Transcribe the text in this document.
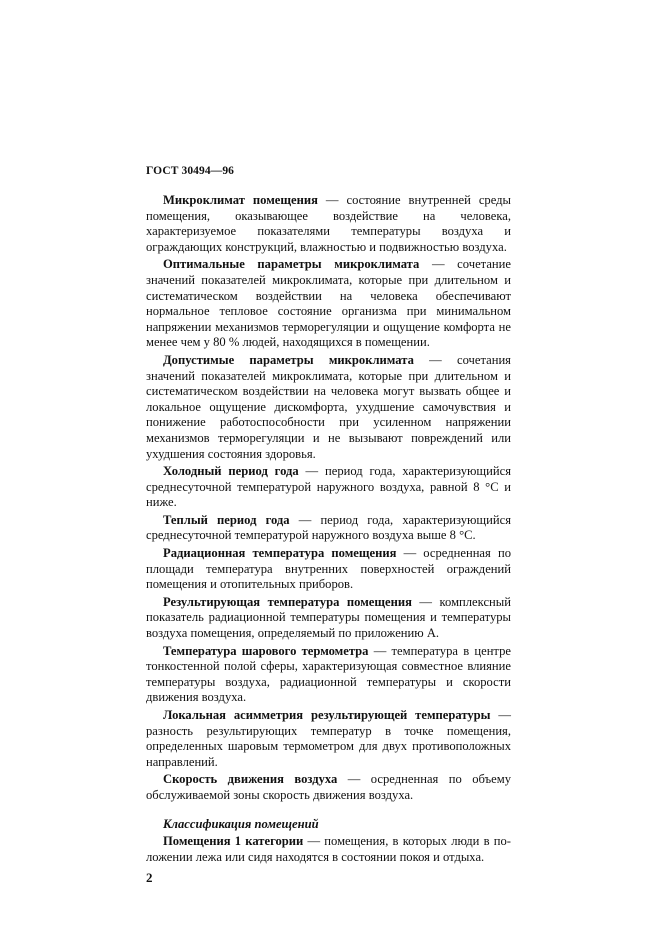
ГОСТ 30494—96

Микроклимат помещения — состояние внутренней среды помещения, оказывающее воздействие на человека, характеризуемое показателями температуры воздуха и ограждающих конструкций, влажностью и подвижностью воздуха.

Оптимальные параметры микроклимата — сочетание значений показателей микроклимата, которые при длительном и систематическом воздействии на человека обеспечивают нормальное тепловое состояние организма при минимальном напряжении механизмов терморегуляции и ощущение комфорта не менее чем у 80 % людей, находящихся в помещении.

Допустимые параметры микроклимата — сочетания значений показателей микроклимата, которые при длительном и систематическом воздействии на человека могут вызвать общее и локальное ощущение дискомфорта, ухудшение самочувствия и понижение работоспособности при усиленном напряжении механизмов терморегуляции и не вызывают повреждений или ухудшения состояния здоровья.

Холодный период года — период года, характеризующийся среднесуточной температурой наружного воздуха, равной 8 °С и ниже.

Теплый период года — период года, характеризующийся среднесуточной температурой наружного воздуха выше 8 °С.

Радиационная температура помещения — осредненная по площади температура внутренних поверхностей ограждений помещения и отопительных приборов.

Результирующая температура помещения — комплексный показатель радиационной температуры помещения и температуры воздуха помещения, определяемый по приложению А.

Температура шарового термометра — температура в центре тонкостенной полой сферы, характеризующая совместное влияние температуры воздуха, радиационной температуры и скорости движения воздуха.

Локальная асимметрия результирующей температуры — разность результирующих температур в точке помещения, определенных шаровым термометром для двух противоположных направлений.

Скорость движения воздуха — осредненная по объему обслуживаемой зоны скорость движения воздуха.

Классификация помещений

Помещения 1 категории — помещения, в которых люди в положении лежа или сидя находятся в состоянии покоя и отдыха.

2
